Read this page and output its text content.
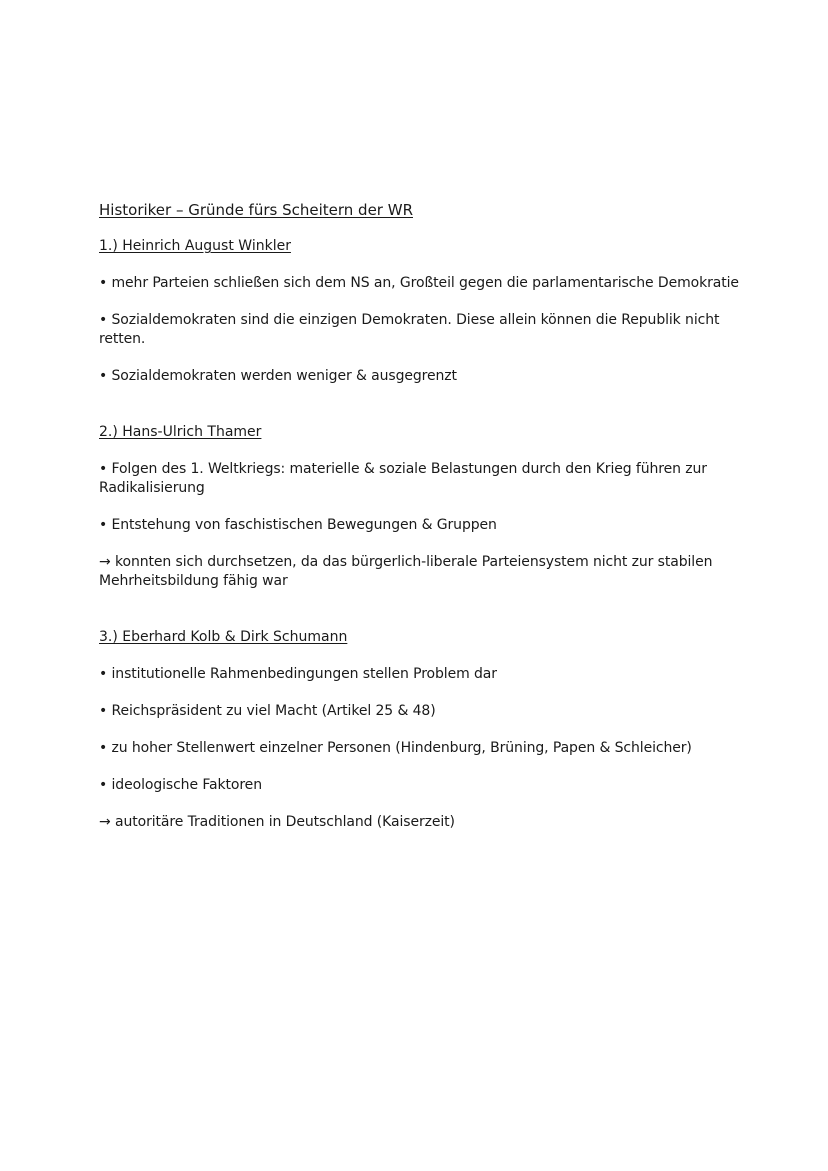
Historiker – Gründe fürs Scheitern der WR
1.) Heinrich August Winkler

• mehr Parteien schließen sich dem NS an, Großteil gegen die parlamentarische Demokratie

• Sozialdemokraten sind die einzigen Demokraten. Diese allein können die Republik nicht retten.

• Sozialdemokraten werden weniger & ausgegrenzt

2.) Hans-Ulrich Thamer

• Folgen des 1. Weltkriegs: materielle & soziale Belastungen durch den Krieg führen zur Radikalisierung

• Entstehung von faschistischen Bewegungen & Gruppen

→ konnten sich durchsetzen, da das bürgerlich-liberale Parteiensystem nicht zur stabilen Mehrheitsbildung fähig war

3.) Eberhard Kolb & Dirk Schumann

• institutionelle Rahmenbedingungen stellen Problem dar

• Reichspräsident zu viel Macht (Artikel 25 & 48)

• zu hoher Stellenwert einzelner Personen (Hindenburg, Brüning, Papen & Schleicher)

• ideologische Faktoren

→ autoritäre Traditionen in Deutschland (Kaiserzeit)
